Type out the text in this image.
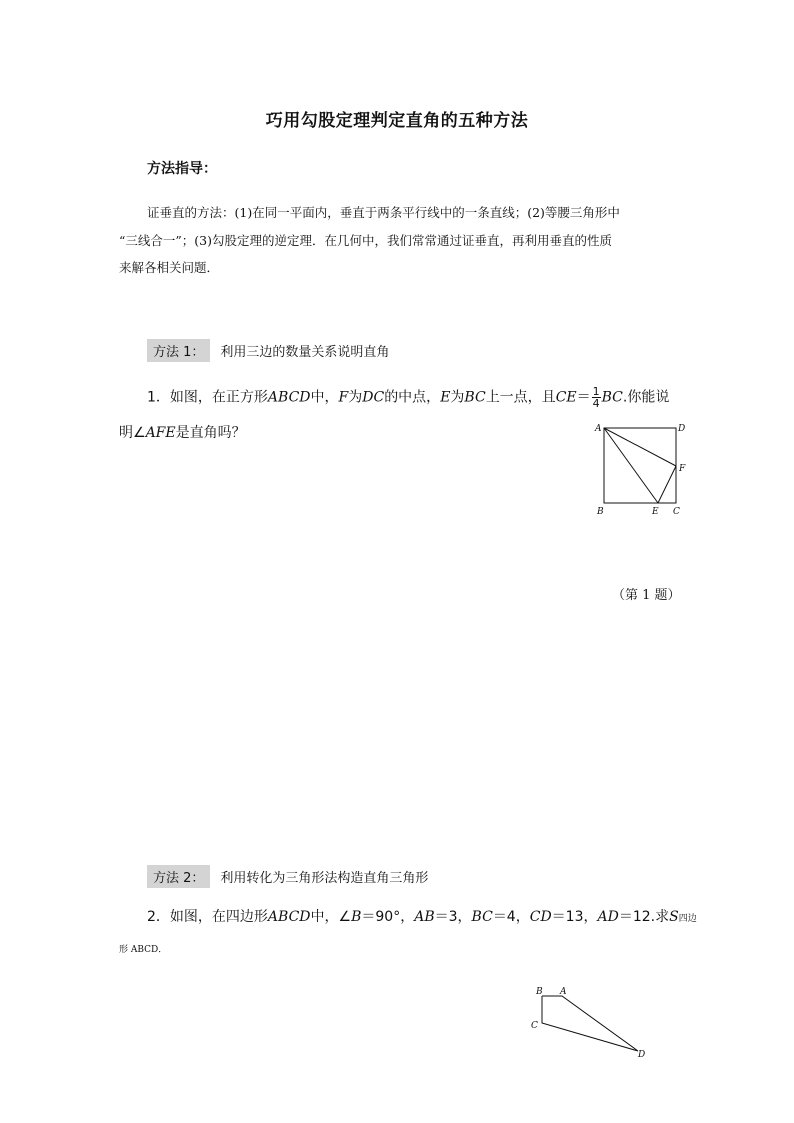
巧用勾股定理判定直角的五种方法
方法指导：
证垂直的方法：(1)在同一平面内，垂直于两条平行线中的一条直线；(2)等腰三角形中
“三线合一”；(3)勾股定理的逆定理．在几何中，我们常常通过证垂直，再利用垂直的性质
来解各相关问题．
方法 1：	利用三边的数量关系说明直角
1．如图，在正方形ABCD中，F为DC的中点，E为BC上一点，且$CE= \frac{1}{4}$ BC.你能说
明∠AFE是直角吗？	A	D
F
B	E C
（第 1 题）
方法 2：	利用转化为三角形法构造直角三角形
2．如图，在四边形ABCD中，∠B＝90°，AB＝3，BC＝4，CD＝13，AD＝12.求S四边
形 ABCD．
B A
C
D
